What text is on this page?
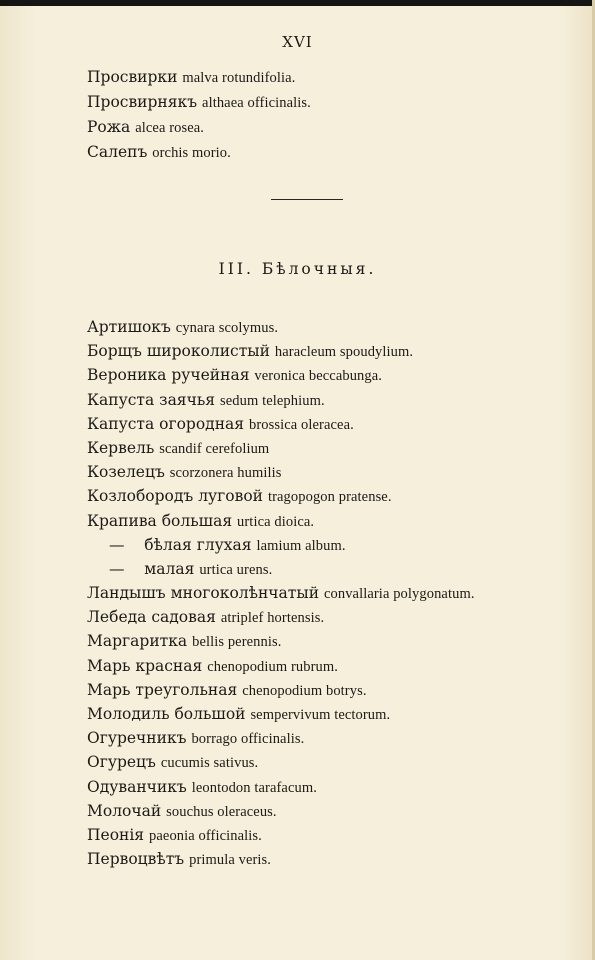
XVI
Просвирки malva rotundifolia.
Просвирнякъ althaea officinalis.
Рожа alcea rosea.
Салепъ orchis morio.
III. Бѣлочныя.
Артишокъ cynara scolymus.
Борщъ широколистый haracleum spoudylium.
Вероника ручейная veronica beccabunga.
Капуста заячья sedum telephium.
Капуста огородная brossica oleracea.
Кервель scandif cerefolium
Козелецъ scorzonera humilis
Козлобородъ луговой tragopogon pratense.
Крапива большая urtica dioica.
— бѣлая глухая lamium album.
— малая urtica urens.
Ландышъ многоколѣнчатый convallaria polygonatum.
Лебеда садовая atriplef hortensis.
Маргаритка bellis perennis.
Марь красная chenopodium rubrum.
Марь треугольная chenopodium botrys.
Молодиль большой sempervivum tectorum.
Огуречникъ borrago officinalis.
Огурецъ cucumis sativus.
Одуванчикъ leontodon tarafacum.
Молочай souchus oleraceus.
Пеонія paeonia officinalis.
Первоцвѣтъ primula veris.
